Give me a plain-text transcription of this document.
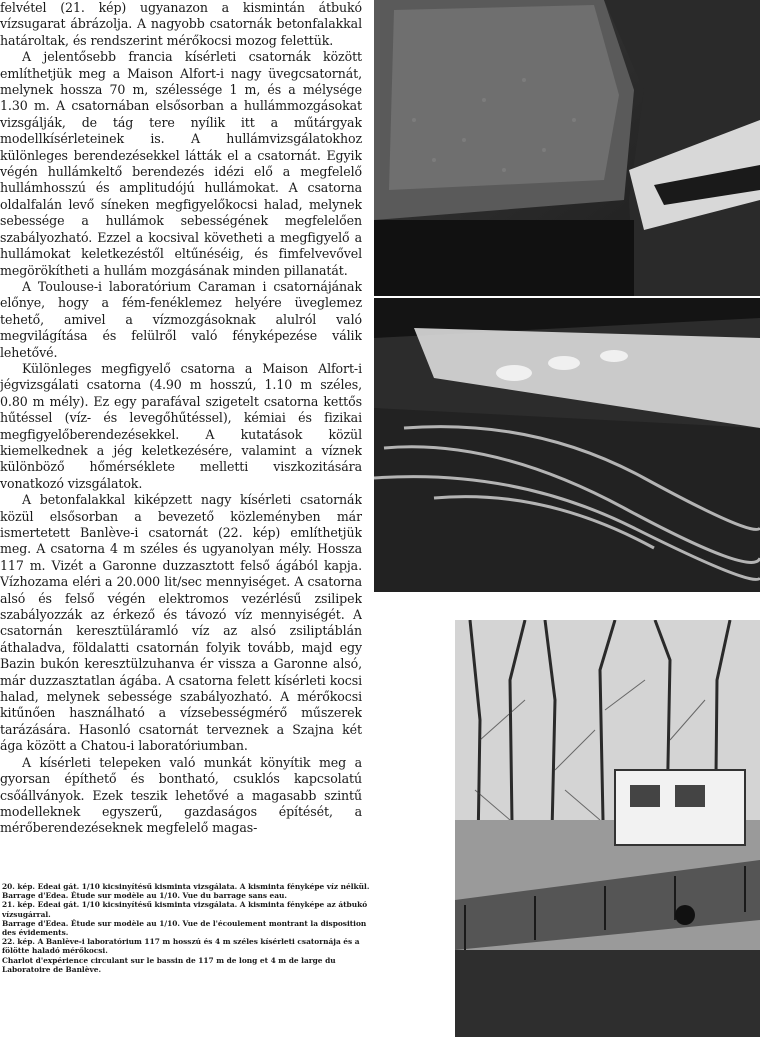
felvétel (21. kép) ugyanazon a kismintán átbukó vízsugarat ábrázolja. A nagyobb csatornák betonfalakkal határoltak, és rendszerint mérőkocsi mozog felettük.

A jelentősebb francia kísérleti csatornák között említhetjük meg a Maison Alfort-i nagy üvegcsatornát, melynek hossza 70 m, szélessége 1 m, és a mélysége 1.30 m. A csatornában elsősorban a hullámmozgásokat vizsgálják, de tág tere nyílik itt a műtárgyak modellkísérleteinek is. A hullámvizsgálatokhoz különleges berendezésekkel látták el a csatornát. Egyik végén hullámkeltő berendezés idézi elő a megfelelő hullámhosszú és amplitudójú hullámokat. A csatorna oldalfalán levő síneken megfigyelőkocsi halad, melynek sebessége a hullámok sebességének megfelelően szabályozható. Ezzel a kocsival követheti a megfigyelő a hullámokat keletkezéstől eltűnéséig, és fimfelvevővel megörökítheti a hullám mozgásának minden pillanatát.

A Toulouse-i laboratórium Caraman i csatornájának előnye, hogy a fém-fenéklemez helyére üveglemez tehető, amivel a vízmozgásoknak alulról való megvilágítása és felülről való fényképezése válik lehetővé.

Különleges megfigyelő csatorna a Maison Alfort-i jégvizsgálati csatorna (4.90 m hosszú, 1.10 m széles, 0.80 m mély). Ez egy parafával szigetelt csatorna kettős hűtéssel (víz- és levegőhűtéssel), kémiai és fizikai megfigyelőberendezésekkel. A kutatások közül kiemelkednek a jég keletkezésére, valamint a víznek különböző hőmérséklete melletti viszkozitására vonatkozó vizsgálatok.

A betonfalakkal kiképzett nagy kísérleti csatornák közül elsősorban a bevezető közleményben már ismertetett Banlève-i csatornát (22. kép) említhetjük meg. A csatorna 4 m széles és ugyanolyan mély. Hossza 117 m. Vizét a Garonne duzzasztott felső ágából kapja. Vízhozama eléri a 20.000 lit/sec mennyiséget. A csatorna alsó és felső végén elektromos vezérlésű zsilipek szabályozzák az érkező és távozó víz mennyiségét. A csatornán keresztüláramló víz az alsó zsiliptáblán áthaladva, földalatti csatornán folyik tovább, majd egy Bazin bukón keresztülzuhanva ér vissza a Garonne alsó, már duzzasztatlan ágába. A csatorna felett kísérleti kocsi halad, melynek sebessége szabályozható. A mérőkocsi kitűnően használható a vízsebességmérő műszerek tarázására. Hasonló csatornát terveznek a Szajna két ága között a Chatou-i laboratóriumban.

A kísérleti telepeken való munkát könyítik meg a gyorsan építhető és bontható, csuklós kapcsolatú csőállványok. Ezek teszik lehetővé a magasabb szintű modelleknek egyszerű, gazdaságos építését, a mérőberendezéseknek megfelelő magas-

20. kép. Edeai gát. 1/10 kicsinyítésű kisminta vizsgálata. A kisminta fényképe víz nélkül.

Barrage d'Edea. Étude sur modèle au 1/10. Vue du barrage sans eau.

21. kép. Edeai gát. 1/10 kicsinyítésű kisminta vizsgálata. A kisminta fényképe az átbukó vízsugárral.

Barrage d'Edea. Étude sur modèle au 1/10. Vue de l'écoulement montrant la disposition des évidements.

22. kép. A Banlève-i laboratórium 117 m hosszú és 4 m széles kísérleti csatornája és a fölötte haladó mérőkocsi.

Charlot d'expérience circulant sur le bassin de 117 m de long et 4 m de large du Laboratoire de Banlève.
